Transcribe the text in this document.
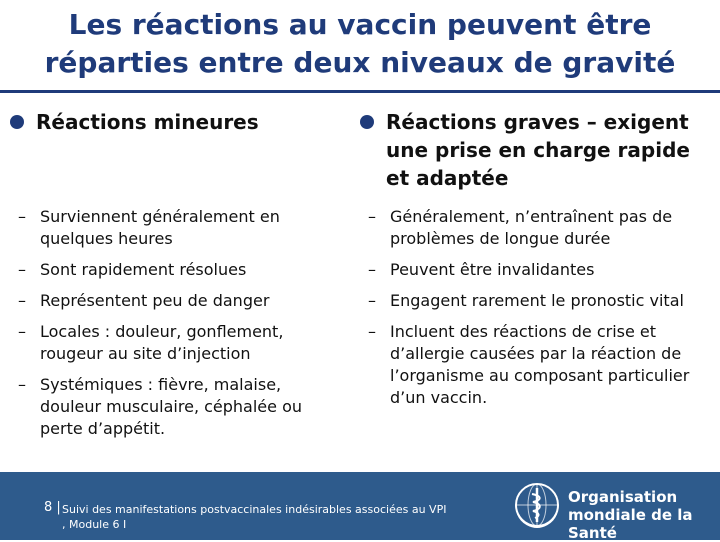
Les réactions au vaccin peuvent être
réparties entre deux niveaux de gravité
Réactions mineures
– Surviennent généralement en quelques heures
– Sont rapidement résolues
– Représentent peu de danger
– Locales : douleur, gonflement, rougeur au site d’injection
– Systémiques : fièvre, malaise, douleur musculaire, céphalée ou perte d’appétit.
Réactions graves – exigent une prise en charge rapide et adaptée
– Généralement, n’entraînent pas de problèmes de longue durée
– Peuvent être invalidantes
– Engagent rarement le pronostic vital
– Incluent des réactions de crise et d’allergie causées par la réaction de l’organisme au composant particulier d’un vaccin.
8 | Suivi des manifestations postvaccinales indésirables associées au VPI , Module 6 I
Organisation
mondiale de la Santé
